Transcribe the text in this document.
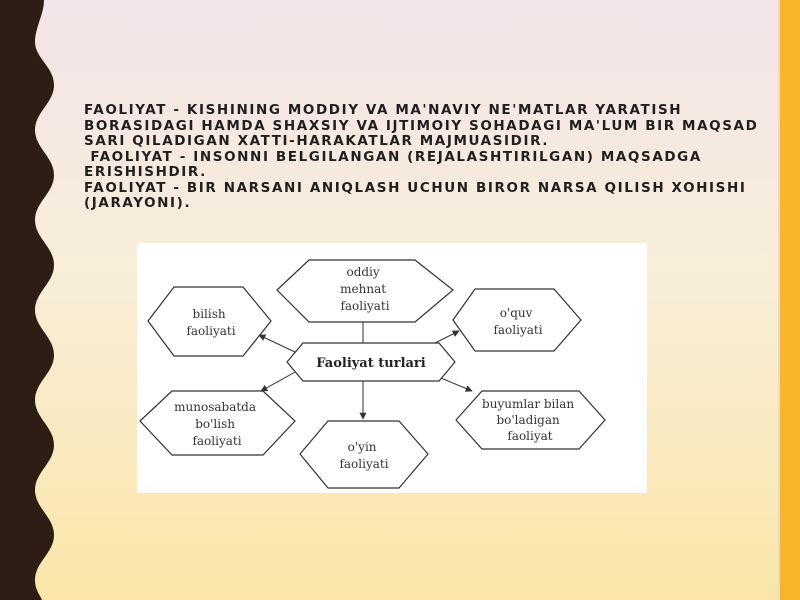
FAOLIYAT - KISHINING MODDIY VA MA'NAVIY NE'MATLAR YARATISH BORASIDAGI HAMDA SHAXSIY VA IJTIMOIY SOHADAGI MA'LUM BIR MAQSAD SARI QILADIGAN XATTI-HARAKATLAR MAJMUASIDIR.

FAOLIYAT - INSONNI BELGILANGAN (REJALASHTIRILGAN) MAQSADGA ERISHISHDIR.

FAOLIYAT - BIR NARSANI ANIQLASH UCHUN BIROR NARSA QILISH XOHISHI (JARAYONI).

Faoliyat turlari
oddiy mehnat faoliyati
bilish faoliyati
o'quv faoliyati
munosabatda bo'lish faoliyati	o'yin faoliyati
buyumlar bilan bo'ladigan faoliyat
